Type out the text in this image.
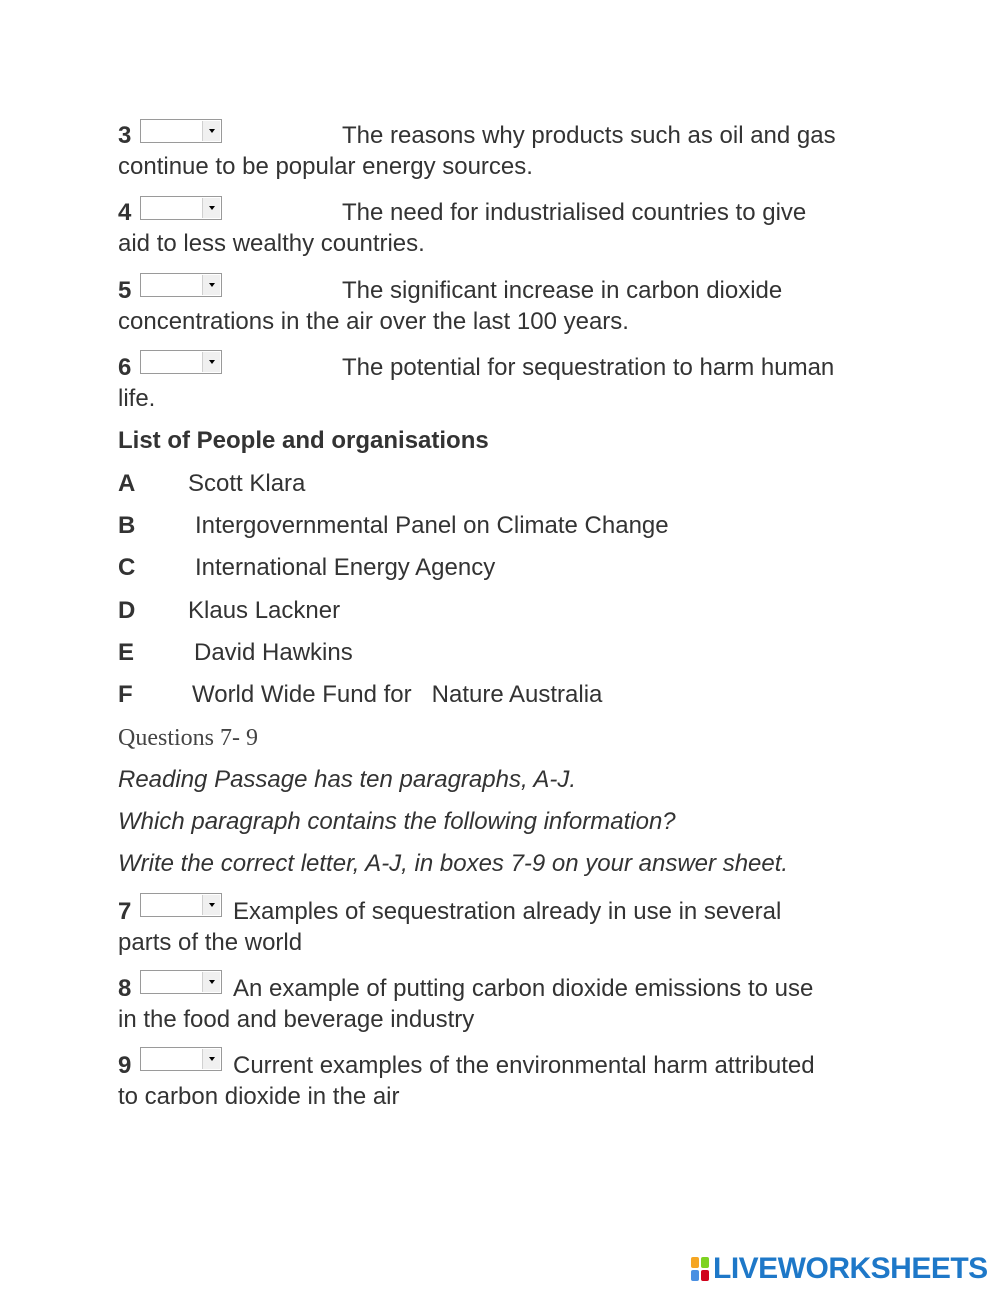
3	The reasons why products such as oil and gas
continue to be popular energy sources.
4	The need for industrialised countries to give
aid to less wealthy countries.
5	The significant increase in carbon dioxide
concentrations in the air over the last 100 years.
6	The potential for sequestration to harm human
life.
List of People and organisations
A Scott Klara
B Intergovernmental Panel on Climate Change
C International Energy Agency
D Klaus Lackner
E David Hawkins
F World Wide Fund for   Nature Australia
Questions 7- 9
Reading Passage has ten paragraphs, A-J.
Which paragraph contains the following information?
Write the correct letter, A-J, in boxes 7-9 on your answer sheet.
7	Examples of sequestration already in use in several
parts of the world
8	An example of putting carbon dioxide emissions to use
in the food and beverage industry
9	Current examples of the environmental harm attributed
to carbon dioxide in the air
LIVEWORKSHEETS
